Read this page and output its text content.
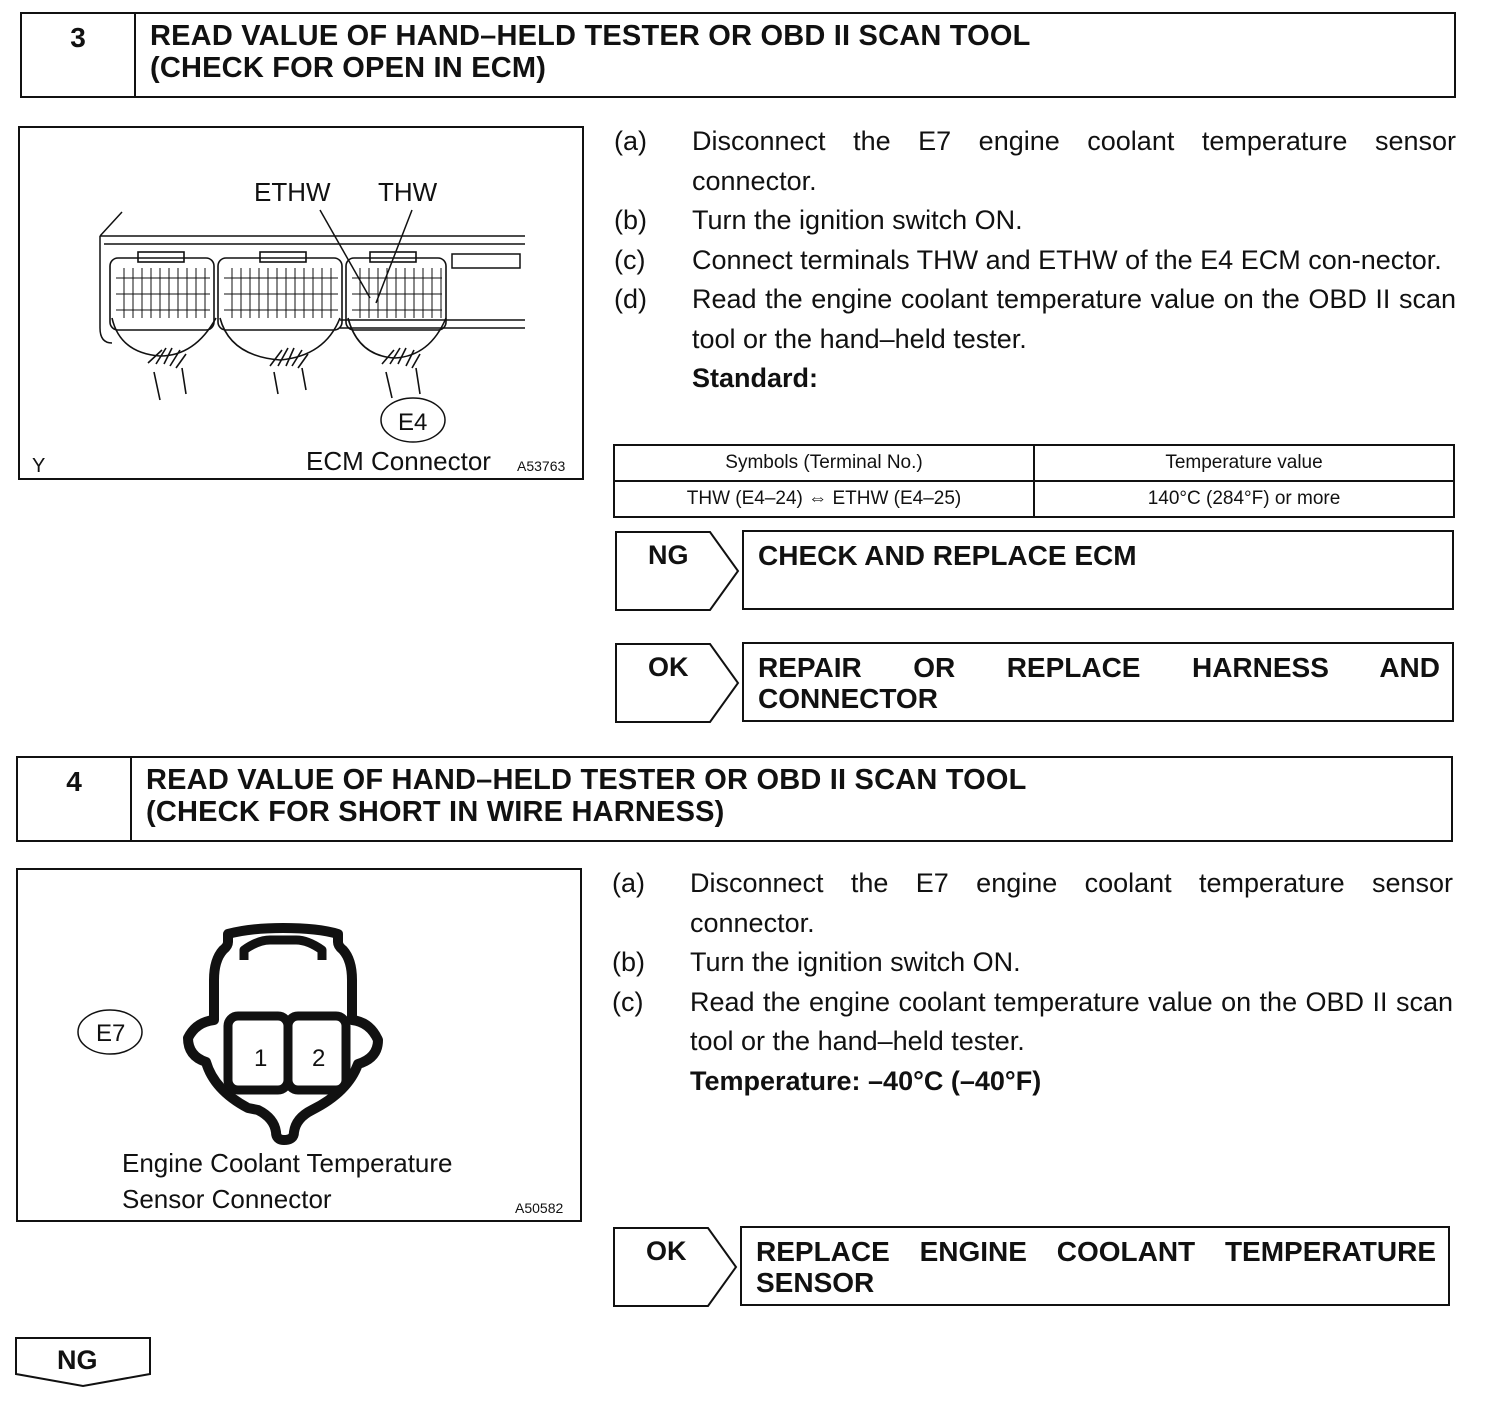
3	READ VALUE OF HAND–HELD TESTER OR OBD II SCAN TOOL
(CHECK FOR OPEN IN ECM)
ETHW THW
E4
ECM Connector
Y	A53763
(a) Disconnect the E7 engine coolant temperature sensor connector.
(b) Turn the ignition switch ON.
(c) Connect terminals THW and ETHW of the E4 ECM con-nector.
(d) Read the engine coolant temperature value on the OBD II scan tool or the hand–held tester.
Standard:
Symbols (Terminal No.)	Temperature value
THW (E4–24) ⇔ ETHW (E4–25)	140°C (284°F) or more
NG CHECK AND REPLACE ECM
OK REPAIR OR REPLACE HARNESS AND
CONNECTOR
4	READ VALUE OF HAND–HELD TESTER OR OBD II SCAN TOOL
(CHECK FOR SHORT IN WIRE HARNESS)
E7
1 2
Engine Coolant Temperature
Sensor Connector	A50582
(a) Disconnect the E7 engine coolant temperature sensor connector.
(b) Turn the ignition switch ON.
(c) Read the engine coolant temperature value on the OBD II scan tool or the hand–held tester.
Temperature: –40°C (–40°F)
OK REPLACE ENGINE COOLANT TEMPERATURE
SENSOR
NG
